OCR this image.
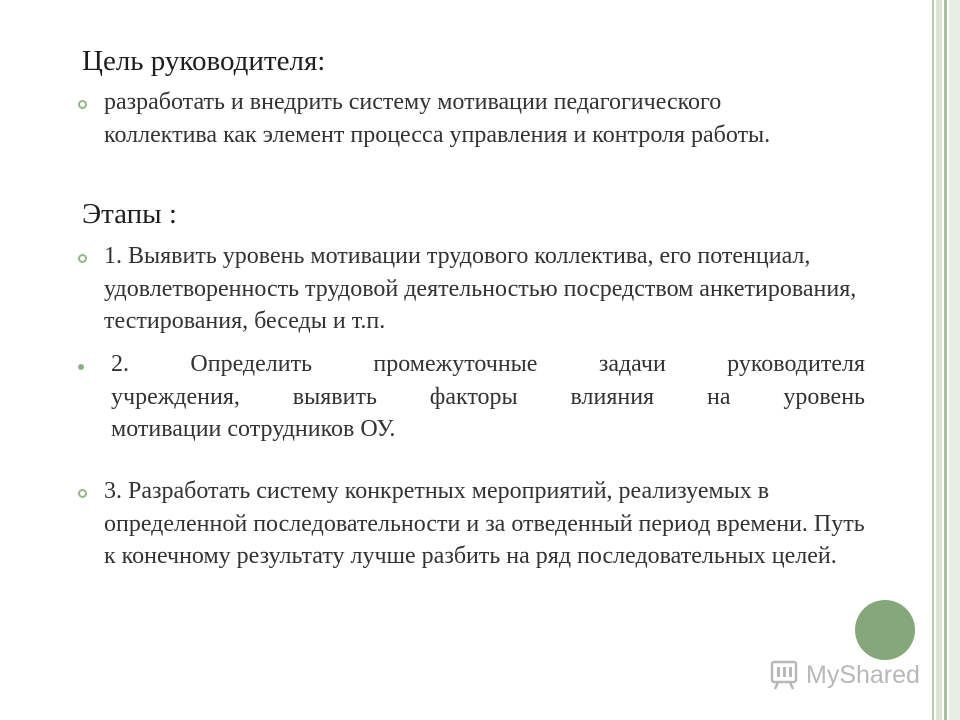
Цель руководителя:
разработать и внедрить систему мотивации педагогического коллектива как элемент процесса управления и контроля работы.
Этапы :
1. Выявить уровень мотивации трудового коллектива, его потенциал, удовлетворенность трудовой деятельностью посредством анкетирования, тестирования, беседы и т.п.
2. Определить промежуточные задачи руководителя
учреждения, выявить факторы влияния на уровень
мотивации сотрудников ОУ.
3. Разработать систему конкретных мероприятий, реализуемых в определенной последовательности и за отведенный период времени. Путь к конечному результату лучше разбить на ряд последовательных целей.
MyShared
